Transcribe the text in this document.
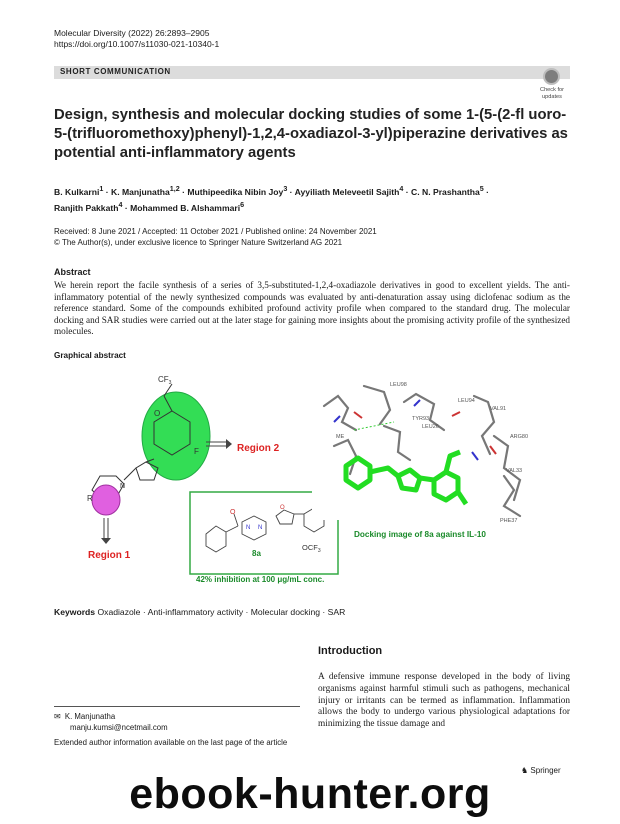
Molecular Diversity (2022) 26:2893–2905
https://doi.org/10.1007/s11030-021-10340-1
SHORT COMMUNICATION
Check for updates
Design, synthesis and molecular docking studies of some 1-(5-(2-fl uoro-5-(trifluoromethoxy)phenyl)-1,2,4-oxadiazol-3-yl)piperazine derivatives as potential anti-inflammatory agents
B. Kulkarni$^1$ · K. Manjunatha$^{1,2}$ · Muthipeedika Nibin Joy$^3$ · Ayyiliath Meleveetil Sajith$^4$ · C. N. Prashantha$^5$ ·
Ranjith Pakkath$^4$ · Mohammed B. Alshammari$^6$
Received: 8 June 2021 / Accepted: 11 October 2021 / Published online: 24 November 2021
© The Author(s), under exclusive licence to Springer Nature Switzerland AG 2021
Abstract
We herein report the facile synthesis of a series of 3,5-substituted-1,2,4-oxadiazole derivatives in good to excellent yields. The anti-inflammatory potential of the newly synthesized compounds was evaluated by anti-denaturation assay using diclofenac sodium as the reference standard. Some of the compounds exhibited profound activity profile when compared to the standard drug. The molecular docking and SAR studies were carried out at the later stage for gaining more insights about the promising activity profile of the synthesized molecules.
Graphical abstract
O
$CF_3$
F	Region 2
N
R
Region 1
O
N N
O
8a
$OCF_3$
42% inhibition at 100 μg/mL conc.
LEU98
LEU94
VAL91
TYR93
LEU26
ME	ARG80
VAL33
PHE37
Docking image of 8a against IL-10
Keywords Oxadiazole · Anti-inflammatory activity · Molecular docking · SAR
Introduction
A defensive immune response developed in the body of living organisms against harmful stimuli such as pathogens, mechanical injury or irritants can be termed as inflammation. Inflammation allows the body to undergo various physiological adaptations for minimizing the tissue damage and
✉ K. Manjunatha
manju.kumsi@ncetmail.com
Extended author information available on the last page of the article
♞ Springer
ebook-hunter.org
